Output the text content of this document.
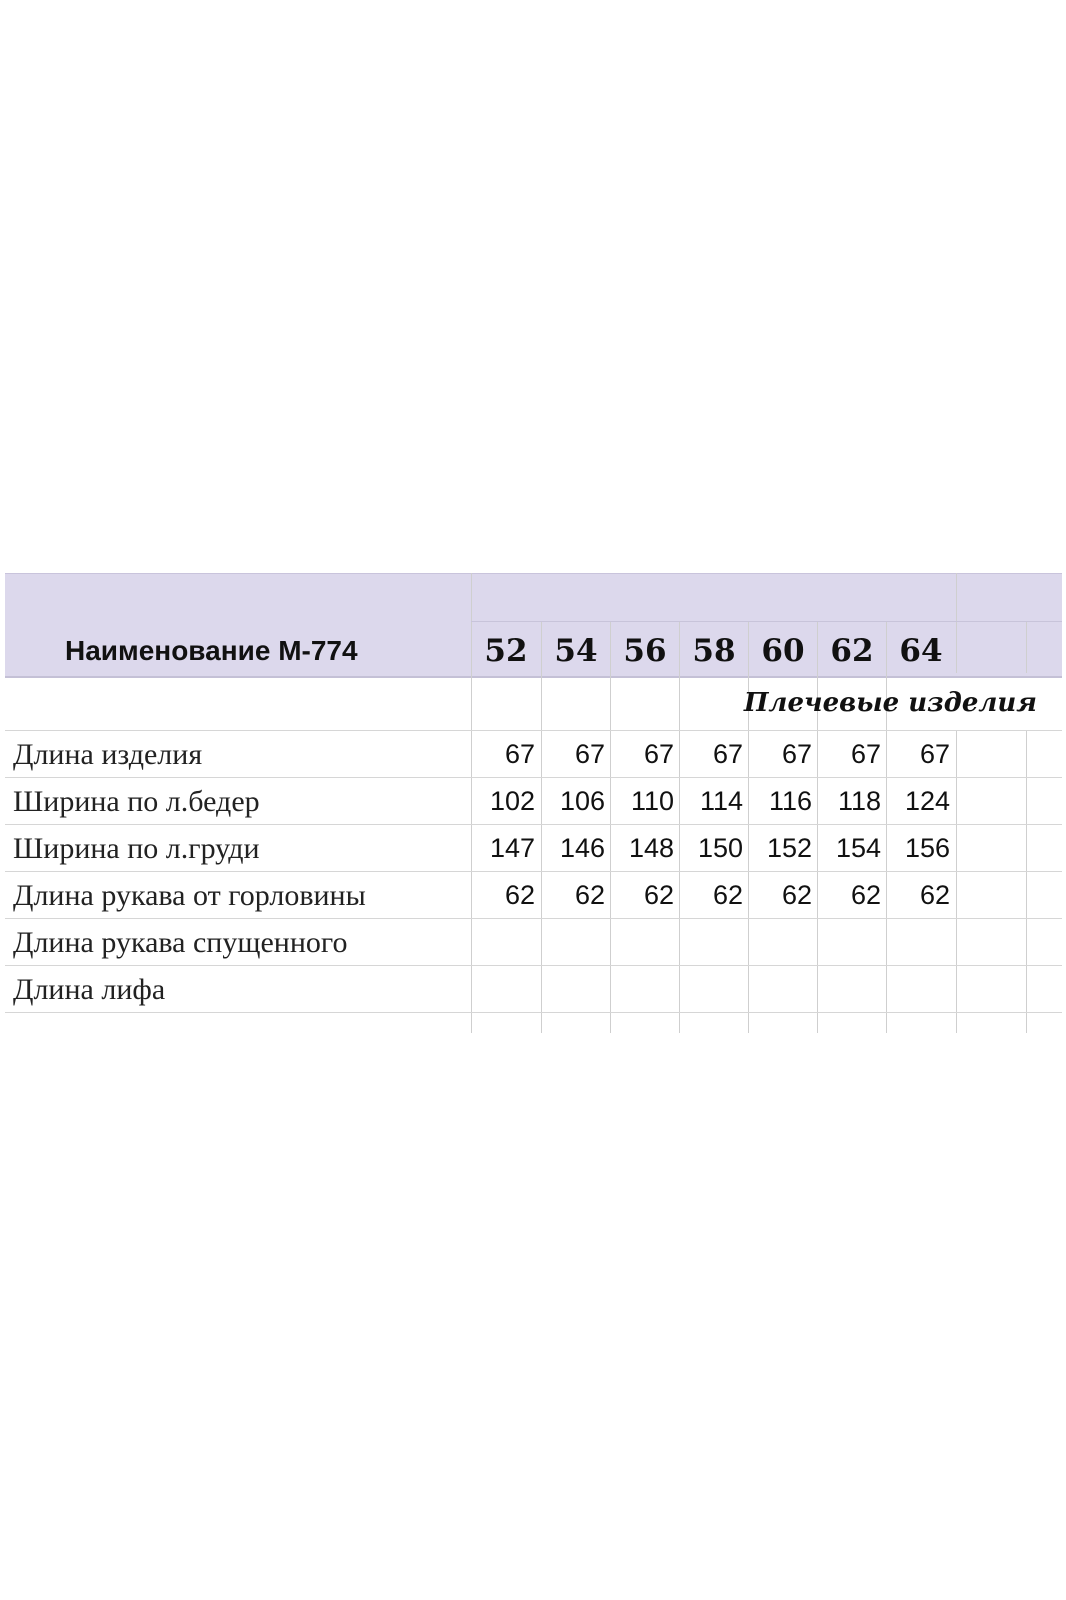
Наименование М-774	52 54 56 58 60 62 64
Плечевые изделия
Длина изделия	67	67	67	67	67	67	67
Ширина по л.бедер	102 106 110 114 116 118 124
Ширина по л.груди	147 146 148 150 152 154 156
Длина рукава от горловины	62	62	62	62	62	62	62
Длина рукава спущенного
Длина лифа
